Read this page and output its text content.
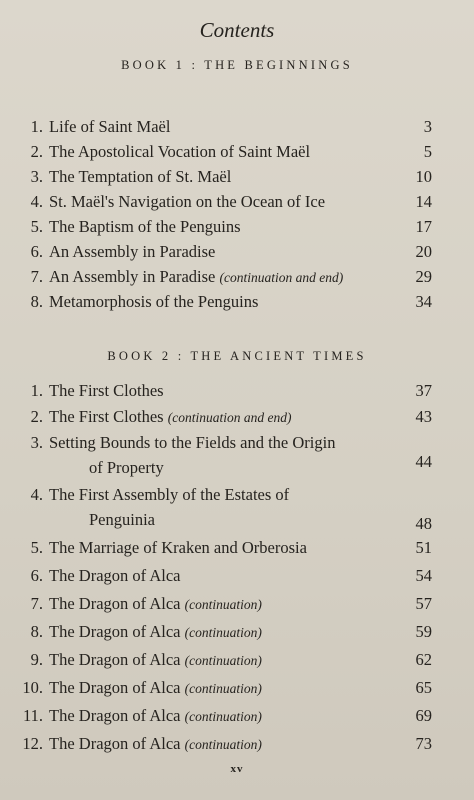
Contents
BOOK 1 : THE BEGINNINGS
1. Life of Saint Maël	3
2. The Apostolical Vocation of Saint Maël	5
3. The Temptation of St. Maël	10
4. St. Maël's Navigation on the Ocean of Ice	14
5. The Baptism of the Penguins	17
6. An Assembly in Paradise	20
7. An Assembly in Paradise (continuation and end)	29
8. Metamorphosis of the Penguins	34
BOOK 2 : THE ANCIENT TIMES
1. The First Clothes	37
2. The First Clothes (continuation and end)	43
3. Setting Bounds to the Fields and the Origin
of Property	44
4. The First Assembly of the Estates of
Penguinia	48
5. The Marriage of Kraken and Orberosia	51
6. The Dragon of Alca	54
7. The Dragon of Alca (continuation)	57
8. The Dragon of Alca (continuation)	59
9. The Dragon of Alca (continuation)	62
10. The Dragon of Alca (continuation)	65
11. The Dragon of Alca (continuation)	69
12. The Dragon of Alca (continuation)	73
xv
